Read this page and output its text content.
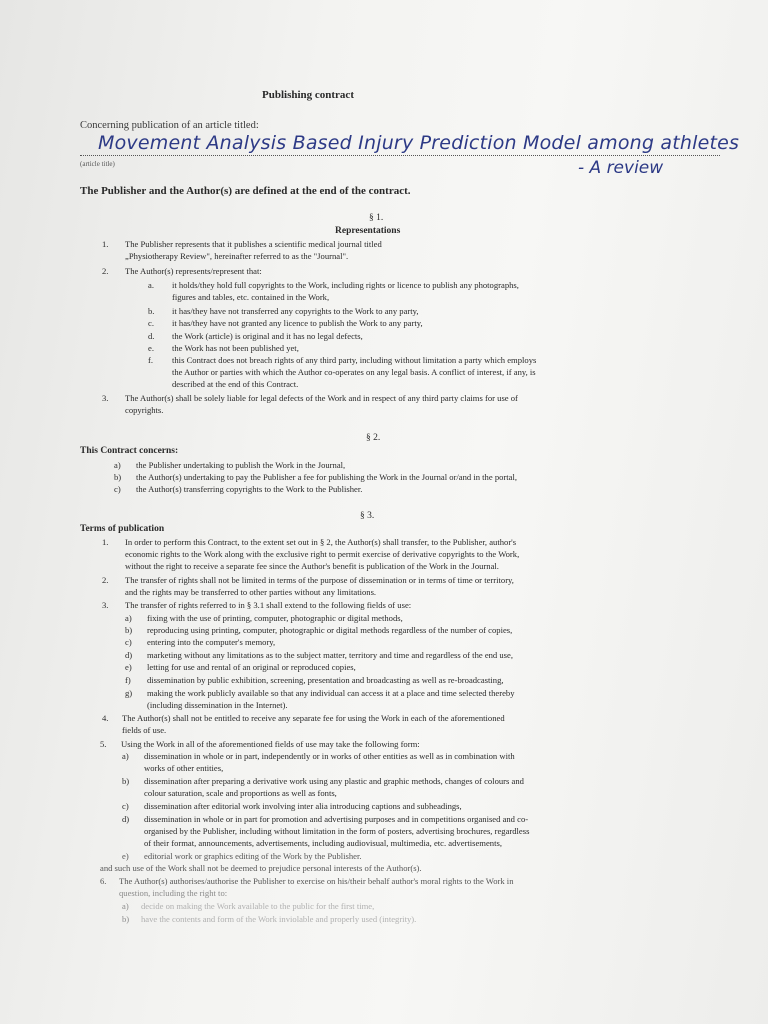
Publishing contract
Concerning publication of an article titled:
Movement Analysis Based Injury Prediction Model among athletes
(article title)	- A review
The Publisher and the Author(s) are defined at the end of the contract.
§ 1.
Representations
1. The Publisher represents that it publishes a scientific medical journal titled
„Physiotherapy Review", hereinafter referred to as the "Journal".
2. The Author(s) represents/represent that:
a. it holds/they hold full copyrights to the Work, including rights or licence to publish any photographs,
figures and tables, etc. contained in the Work,
b. it has/they have not transferred any copyrights to the Work to any party,
c. it has/they have not granted any licence to publish the Work to any party,
d. the Work (article) is original and it has no legal defects,
e. the Work has not been published yet,
f. this Contract does not breach rights of any third party, including without limitation a party which employs
the Author or parties with which the Author co-operates on any legal basis. A conflict of interest, if any, is
described at the end of this Contract.
3. The Author(s) shall be solely liable for legal defects of the Work and in respect of any third party claims for use of
copyrights.
§ 2.
This Contract concerns:
a) the Publisher undertaking to publish the Work in the Journal,
b) the Author(s) undertaking to pay the Publisher a fee for publishing the Work in the Journal or/and in the portal,
c) the Author(s) transferring copyrights to the Work to the Publisher.
§ 3.
Terms of publication
1. In order to perform this Contract, to the extent set out in § 2, the Author(s) shall transfer, to the Publisher, author's
economic rights to the Work along with the exclusive right to permit exercise of derivative copyrights to the Work,
without the right to receive a separate fee since the Author's benefit is publication of the Work in the Journal.
2. The transfer of rights shall not be limited in terms of the purpose of dissemination or in terms of time or territory,
and the rights may be transferred to other parties without any limitations.
3. The transfer of rights referred to in § 3.1 shall extend to the following fields of use:
a) fixing with the use of printing, computer, photographic or digital methods,
b) reproducing using printing, computer, photographic or digital methods regardless of the number of copies,
c) entering into the computer's memory,
d) marketing without any limitations as to the subject matter, territory and time and regardless of the end use,
e) letting for use and rental of an original or reproduced copies,
f) dissemination by public exhibition, screening, presentation and broadcasting as well as re-broadcasting,
g) making the work publicly available so that any individual can access it at a place and time selected thereby
(including dissemination in the Internet).
4. The Author(s) shall not be entitled to receive any separate fee for using the Work in each of the aforementioned
fields of use.
5. Using the Work in all of the aforementioned fields of use may take the following form:
a) dissemination in whole or in part, independently or in works of other entities as well as in combination with
works of other entities,
b) dissemination after preparing a derivative work using any plastic and graphic methods, changes of colours and
colour saturation, scale and proportions as well as fonts,
c) dissemination after editorial work involving inter alia introducing captions and subheadings,
d) dissemination in whole or in part for promotion and advertising purposes and in competitions organised and co-
organised by the Publisher, including without limitation in the form of posters, advertising brochures, regardless
of their format, announcements, advertisements, including audiovisual, multimedia, etc. advertisements,
e) editorial work or graphics editing of the Work by the Publisher.
and such use of the Work shall not be deemed to prejudice personal interests of the Author(s).
6. The Author(s) authorises/authorise the Publisher to exercise on his/their behalf author's moral rights to the Work in
question, including the right to:
a) decide on making the Work available to the public for the first time,
b) have the contents and form of the Work inviolable and properly used (integrity).
